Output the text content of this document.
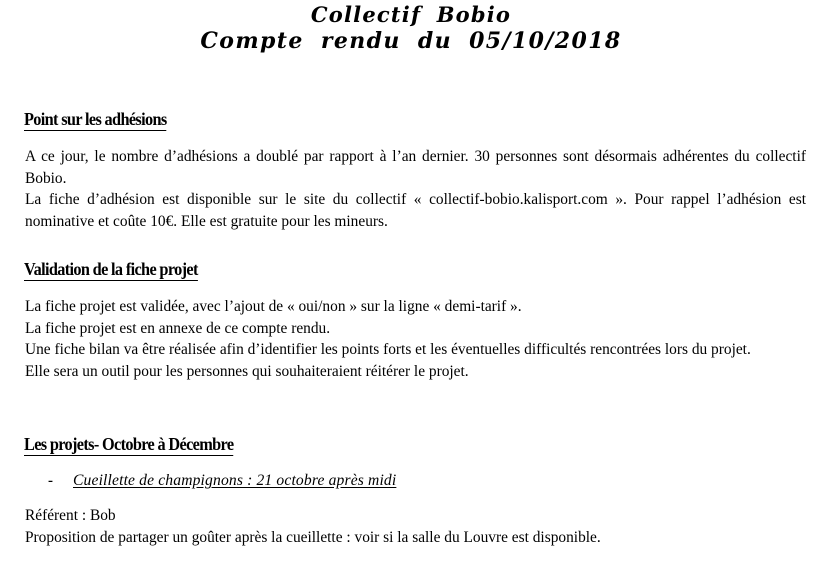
Collectif Bobio
Compte rendu du 05/10/2018
Point sur les adhésions

A ce jour, le nombre d’adhésions a doublé par rapport à l’an dernier. 30 personnes sont désormais adhérentes du collectif Bobio.

La fiche d’adhésion est disponible sur le site du collectif « collectif-bobio.kalisport.com ». Pour rappel l’adhésion est nominative et coûte 10€. Elle est gratuite pour les mineurs.

Validation de la fiche projet

La fiche projet est validée, avec l’ajout de « oui/non » sur la ligne « demi-tarif ».

La fiche projet est en annexe de ce compte rendu.

Une fiche bilan va être réalisée afin d’identifier les points forts et les éventuelles difficultés rencontrées lors du projet.

Elle sera un outil pour les personnes qui souhaiteraient réitérer le projet.

Les projets- Octobre à Décembre
- Cueillette de champignons : 21 octobre après midi

Référent : Bob

Proposition de partager un goûter après la cueillette : voir si la salle du Louvre est disponible.
